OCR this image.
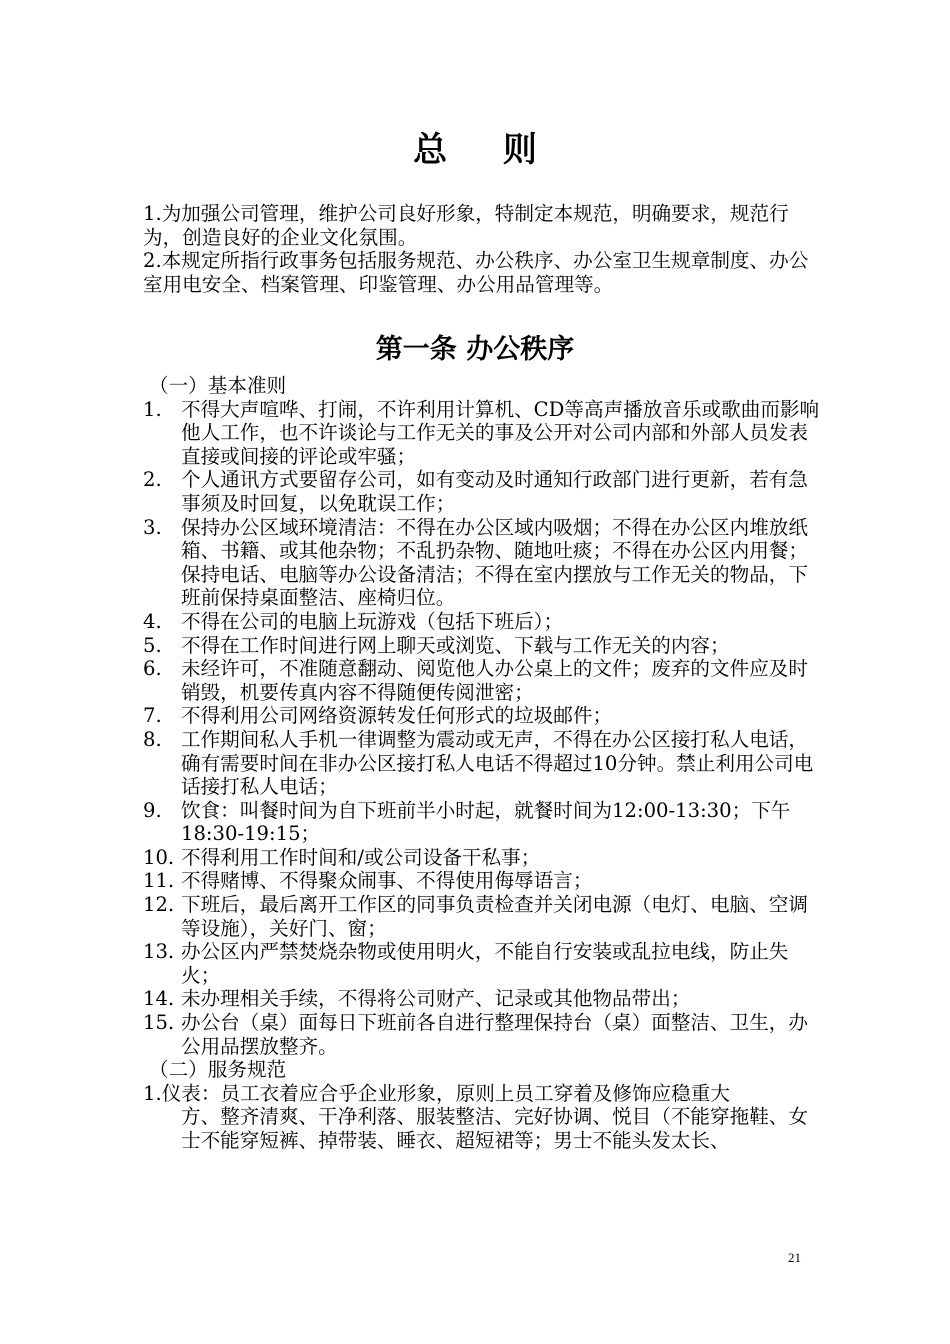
总 则

1.为加强公司管理，维护公司良好形象，特制定本规范，明确要求，规范行为，创造良好的企业文化氛围。

2.本规定所指行政事务包括服务规范、办公秩序、办公室卫生规章制度、办公室用电安全、档案管理、印鉴管理、办公用品管理等。

第一条 办公秩序

（一）基本准则

1. 不得大声喧哗、打闹，不许利用计算机、CD等高声播放音乐或歌曲而影响他人工作，也不许谈论与工作无关的事及公开对公司内部和外部人员发表直接或间接的评论或牢骚；
2. 个人通讯方式要留存公司，如有变动及时通知行政部门进行更新，若有急事须及时回复，以免耽误工作；
3. 保持办公区域环境清洁：不得在办公区域内吸烟；不得在办公区内堆放纸箱、书籍、或其他杂物；不乱扔杂物、随地吐痰；不得在办公区内用餐；保持电话、电脑等办公设备清洁；不得在室内摆放与工作无关的物品，下班前保持桌面整洁、座椅归位。
4. 不得在公司的电脑上玩游戏（包括下班后）；
5. 不得在工作时间进行网上聊天或浏览、下载与工作无关的内容；
6. 未经许可，不准随意翻动、阅览他人办公桌上的文件；废弃的文件应及时销毁，机要传真内容不得随便传阅泄密；
7. 不得利用公司网络资源转发任何形式的垃圾邮件；
8. 工作期间私人手机一律调整为震动或无声，不得在办公区接打私人电话，确有需要时间在非办公区接打私人电话不得超过10分钟。禁止利用公司电话接打私人电话；
9. 饮食：叫餐时间为自下班前半小时起，就餐时间为12:00-13:30；下午18:30-19:15；
10. 不得利用工作时间和/或公司设备干私事；
11. 不得赌博、不得聚众闹事、不得使用侮辱语言；
12. 下班后，最后离开工作区的同事负责检查并关闭电源（电灯、电脑、空调等设施），关好门、窗；
13. 办公区内严禁焚烧杂物或使用明火，不能自行安装或乱拉电线，防止失火；
14. 未办理相关手续，不得将公司财产、记录或其他物品带出；
15. 办公台（桌）面每日下班前各自进行整理保持台（桌）面整洁、卫生，办公用品摆放整齐。

（二）服务规范

1.仪表：员工衣着应合乎企业形象，原则上员工穿着及修饰应稳重大
方、整齐清爽、干净利落、服装整洁、完好协调、悦目（不能穿拖鞋、女士不能穿短裤、掉带装、睡衣、超短裙等；男士不能头发太长、

21
